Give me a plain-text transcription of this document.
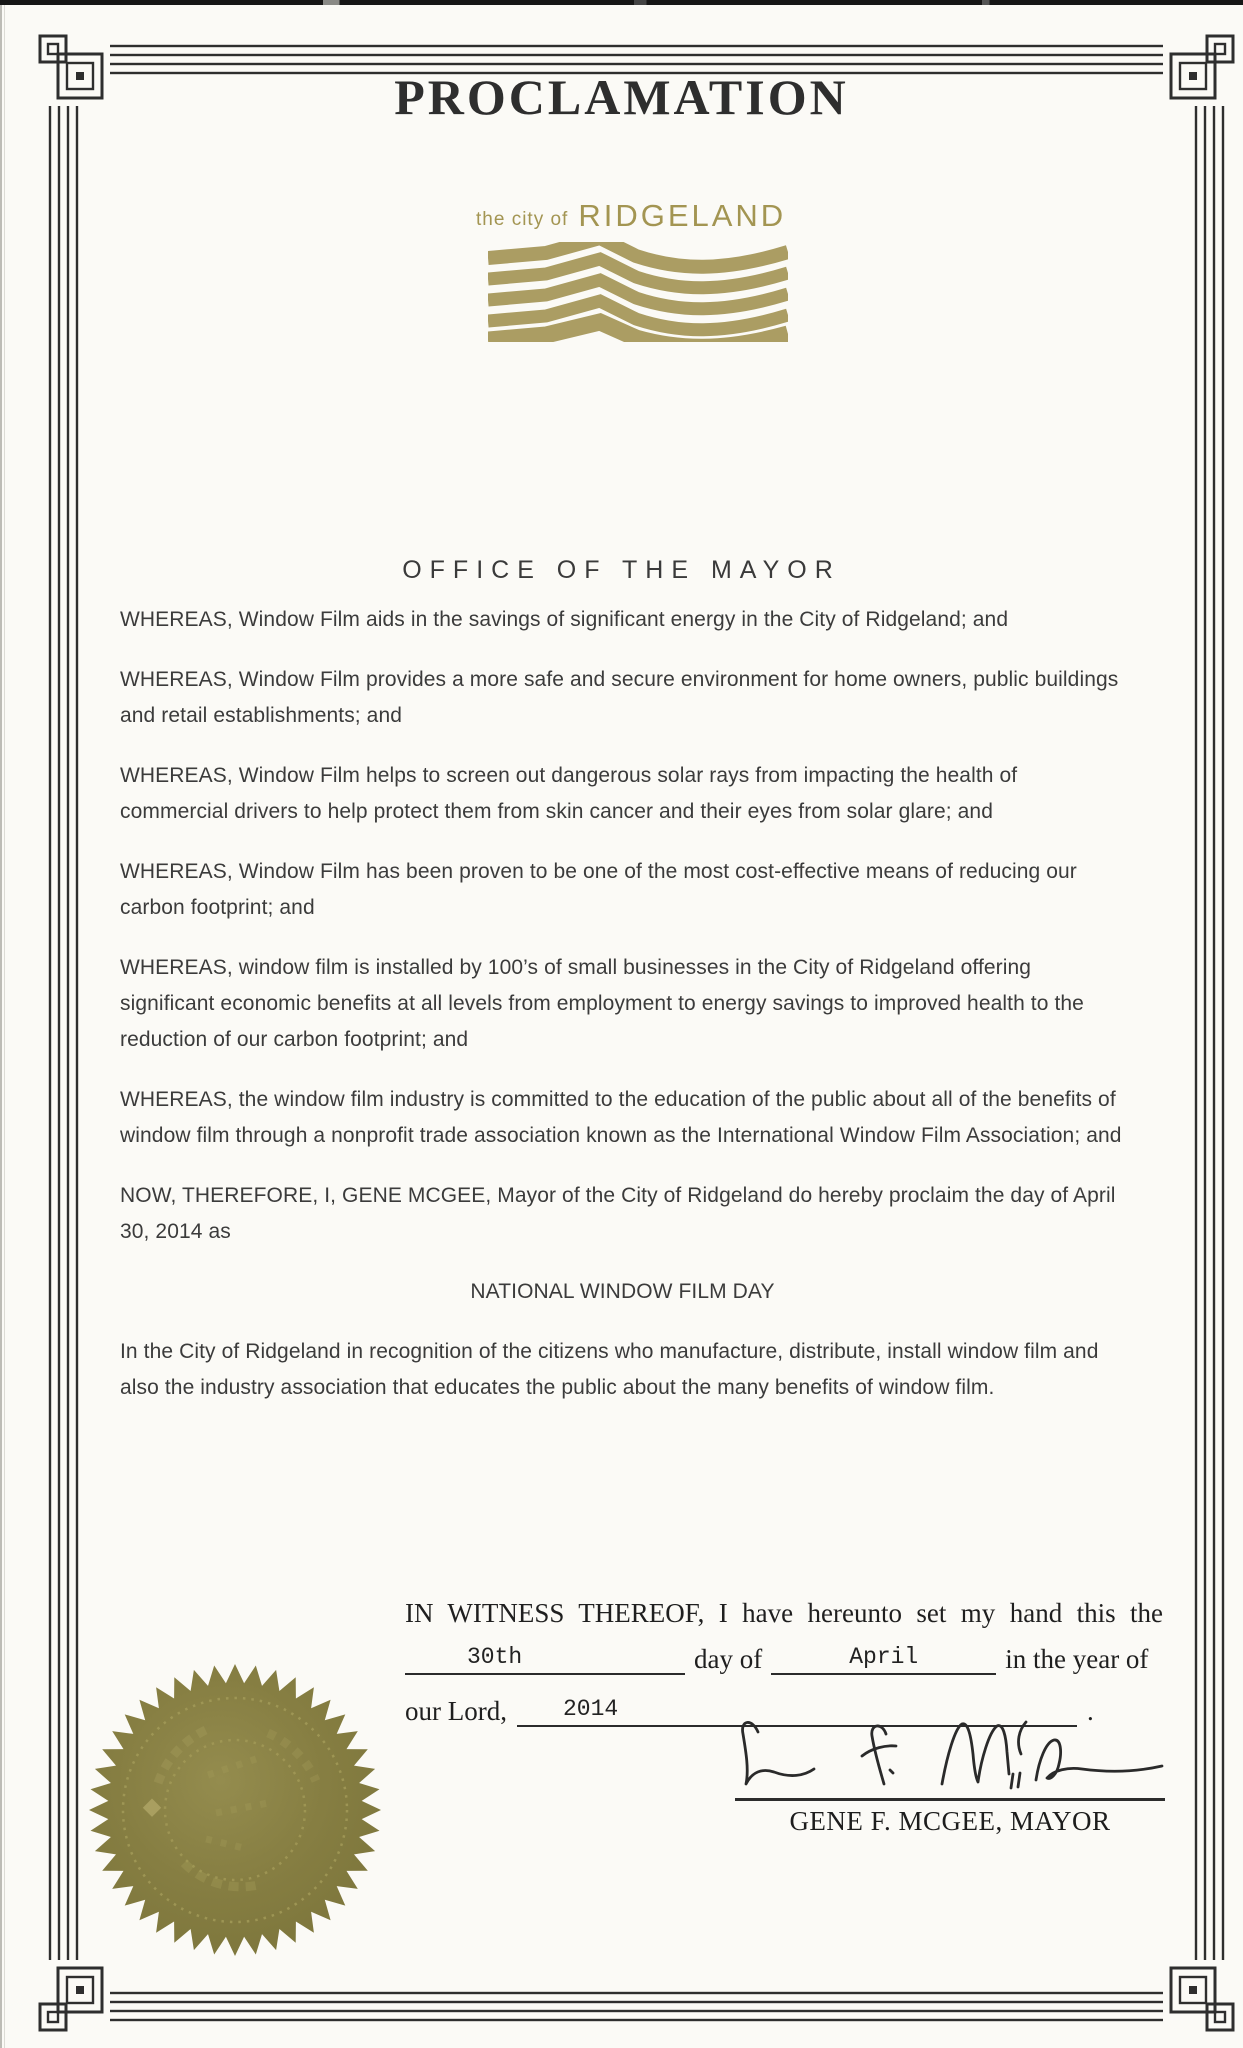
PROCLAMATION
the city of RIDGELAND
OFFICE OF THE MAYOR

WHEREAS, Window Film aids in the savings of significant energy in the City of Ridgeland; and

WHEREAS, Window Film provides a more safe and secure environment for home owners, public buildings and retail establishments; and

WHEREAS, Window Film helps to screen out dangerous solar rays from impacting the health of commercial drivers to help protect them from skin cancer and their eyes from solar glare; and

WHEREAS, Window Film has been proven to be one of the most cost-effective means of reducing our carbon footprint; and

WHEREAS, window film is installed by 100’s of small businesses in the City of Ridgeland offering significant economic benefits at all levels from employment to energy savings to improved health to the reduction of our carbon footprint; and

WHEREAS, the window film industry is committed to the education of the public about all of the benefits of window film through a nonprofit trade association known as the International Window Film Association; and

NOW, THEREFORE, I, GENE MCGEE, Mayor of the City of Ridgeland do hereby proclaim the day of April 30, 2014 as

NATIONAL WINDOW FILM DAY

In the City of Ridgeland in recognition of the citizens who manufacture, distribute, install window film and also the industry association that educates the public about the many benefits of window film.

IN WITNESS THEREOF, I have hereunto set my hand this the
30th	day of	April	in the year of
our Lord,	2014	.
GENE F. MCGEE, MAYOR
